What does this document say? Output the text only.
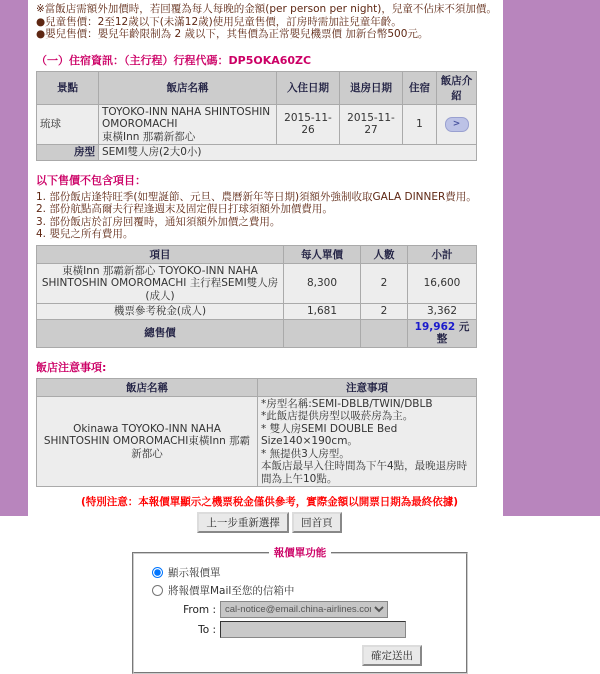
※當飯店需額外加價時，若回覆為每人每晚的金額(per person per night)，兒童不佔床不須加價。
●兒童售價：2至12歲以下(未滿12歲)使用兒童售價，訂房時需加註兒童年齡。
●嬰兒售價：嬰兒年齡限制為 2 歲以下，其售價為正常嬰兒機票價 加新台幣500元。
（一）住宿資訊：（主行程）行程代碼：DP5OKA60ZC
景點	飯店名稱	入住日期	退房日期	住宿	飯店介紹
琉球	TOYOKO-INN NAHA SHINTOSHIN OMOROMACHI
東橫Inn 那霸新都心	2015-11-26	2015-11-27	1	>
房型	SEMI雙人房(2大0小)				
以下售價不包含項目：
1. 部份飯店逢特旺季(如聖誕節、元旦、農曆新年等日期)須額外強制收取GALA DINNER費用。
2. 部份航點高爾夫行程逢週末及固定假日打球須額外加價費用。
3. 部份飯店於訂房回覆時，通知須額外加價之費用。
4. 嬰兒之所有費用。
項目	每人單價	人數	小計
東橫Inn 那霸新都心 TOYOKO-INN NAHA SHINTOSHIN OMOROMACHI 主行程SEMI雙人房 (成人)	8,300	2	16,600
機票參考稅金(成人)	1,681	2	3,362
總售價			19,962 元整
飯店注意事項:
飯店名稱	注意事項
Okinawa TOYOKO-INN NAHA SHINTOSHIN OMOROMACHI東橫Inn 那霸新都心	*房型名稱:SEMI-DBLB/TWIN/DBLB
*此飯店提供房型以吸菸房為主。
* 雙人房SEMI DOUBLE Bed Size140×190cm。
* 無提供3人房型。
本飯店最早入住時間為下午4點，最晚退房時間為上午10點。
(特別注意：本報價單顯示之機票稅金僅供參考，實際金額以開票日期為最終依據)
上一步重新選擇 回首頁
報價單功能
顯示報價單
將報價單Mail至您的信箱中
From :
cal-notice@email.china-airlines.com
To :
確定送出
